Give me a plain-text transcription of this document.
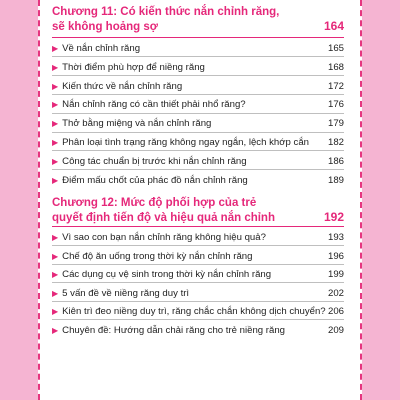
Chương 11: Có kiến thức nắn chỉnh răng,
sẽ không hoảng sợ	164
▶ Về nắn chỉnh răng	165
▶ Thời điểm phù hợp để niềng răng	168
▶ Kiến thức về nắn chỉnh răng	172
▶ Nắn chỉnh răng có cần thiết phải nhổ răng?	176
▶ Thở bằng miệng và nắn chỉnh răng	179
▶ Phân loại tình trạng răng không ngay ngắn, lệch khớp cắn 182
▶ Công tác chuẩn bị trước khi nắn chỉnh răng	186
▶ Điểm mấu chốt của phác đồ nắn chỉnh răng	189
Chương 12: Mức độ phối hợp của trẻ
quyết định tiến độ và hiệu quả nắn chỉnh	192
▶ Vì sao con bạn nắn chỉnh răng không hiệu quả?	193
▶ Chế độ ăn uống trong thời kỳ nắn chỉnh răng	196
▶ Các dụng cụ vệ sinh trong thời kỳ nắn chỉnh răng	199
▶ 5 vấn đề về niềng răng duy trì	202
▶ Kiên trì đeo niềng duy trì, răng chắc chắn không dịch chuyển? 206
▶ Chuyên đề: Hướng dẫn chải răng cho trẻ niềng răng	209
